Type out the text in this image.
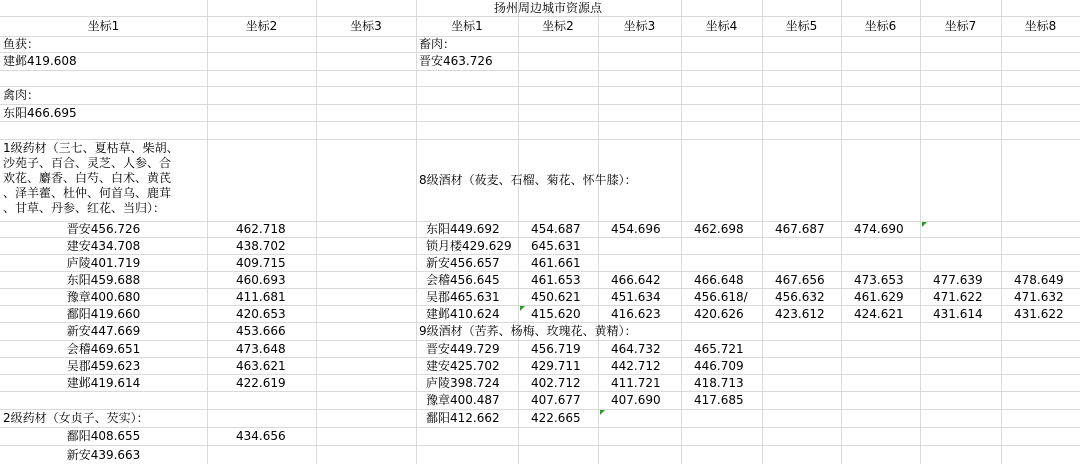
扬州周边城市资源点
坐标1	坐标2	坐标3	坐标1	坐标2	坐标3	坐标4	坐标5	坐标6	坐标7	坐标8
鱼获：
建邺419.608
禽肉：
东阳466.695
1级药材（三七、夏枯草、柴胡、
沙苑子、百合、灵芝、人参、合
欢花、麝香、白芍、白术、黄芪
、泽羊藿、杜仲、何首乌、鹿茸
、甘草、丹参、红花、当归）：
晋安456.726	462.718
建安434.708	438.702
庐陵401.719	409.715
东阳459.688	460.693
豫章400.680	411.681
鄱阳419.660	420.653
新安447.669	453.666
会稽469.651	473.648
吴郡459.623	463.621
建邺419.614	422.619
2级药材（女贞子、芡实）：
鄱阳408.655	434.656
新安439.663
畜肉：
晋安463.726
8级酒材（莜麦、石榴、菊花、怀牛膝）：
东阳449.692	454.687	454.696	462.698	467.687	474.690
锁月楼429.629	645.631
新安456.657	461.661
会稽456.645	461.653	466.642	466.648	467.656	473.653	477.639	478.649
吴郡465.631	450.621	451.634	456.618/	456.632	461.629	471.622	471.632
建邺410.624	415.620	416.623	420.626	423.612	424.621	431.614	431.622
9级酒材（苦荞、杨梅、玫瑰花、黄精）：
晋安449.729	456.719	464.732	465.721
建安425.702	429.711	442.712	446.709
庐陵398.724	402.712	411.721	418.713
豫章400.487	407.677	407.690	417.685
鄱阳412.662	422.665
